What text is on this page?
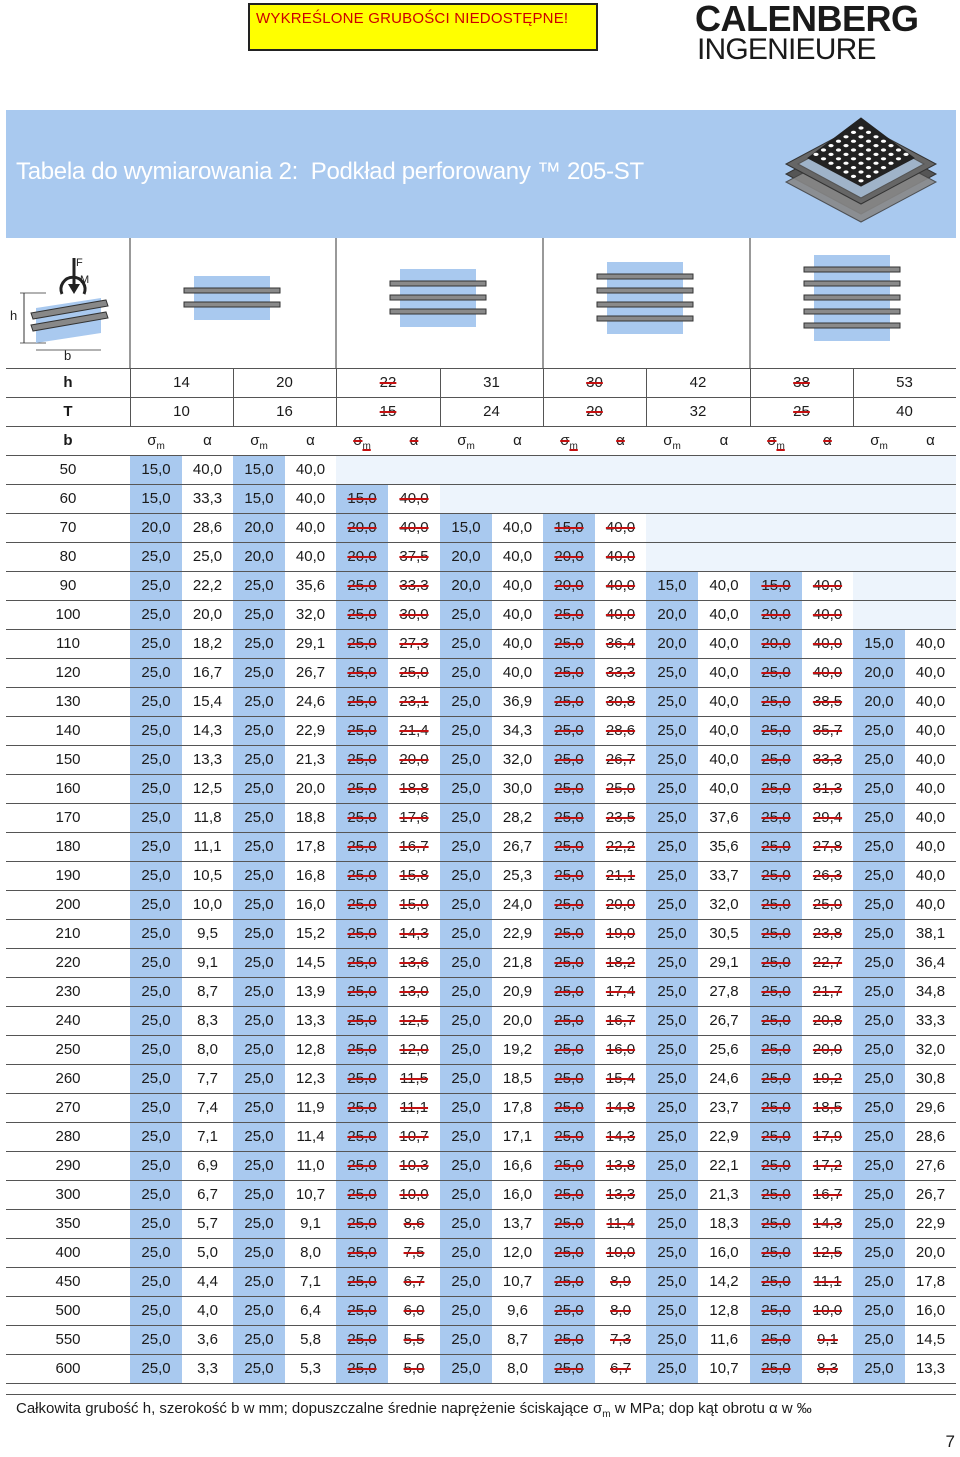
WYKREŚLONE GRUBOŚCI NIEDOSTĘPNE!	CALENBERG
INGENIEURE
Tabela do wymiarowania 2: Podkład perforowany ™ 205-ST
F
M
h
b
h	14	20	22	31	30	42	38	53
T	10	16	15	24	20	32	25	40
b	$\sigma_m$	α	$\sigma_m$	α	$\sigma_m$	α	$\sigma_m$	α	$\sigma_m$	α	$\sigma_m$	α	$\sigma_m$	α	$\sigma_m$	α
50	15,0	40,0	15,0	40,0
60	15,0	33,3	15,0	40,0	15,0	40,0
70	20,0	28,6	20,0	40,0	20,0	40,0	15,0	40,0	15,0	40,0
80	25,0	25,0	20,0	40,0	20,0	37,5	20,0	40,0	20,0	40,0
90	25,0	22,2	25,0	35,6	25,0	33,3	20,0	40,0	20,0	40,0	15,0	40,0	15,0	40,0
100	25,0	20,0	25,0	32,0	25,0	30,0	25,0	40,0	25,0	40,0	20,0	40,0	20,0	40,0
110	25,0	18,2	25,0	29,1	25,0	27,3	25,0	40,0	25,0	36,4	20,0	40,0	20,0	40,0	15,0	40,0
120	25,0	16,7	25,0	26,7	25,0	25,0	25,0	40,0	25,0	33,3	25,0	40,0	25,0	40,0	20,0	40,0
130	25,0	15,4	25,0	24,6	25,0	23,1	25,0	36,9	25,0	30,8	25,0	40,0	25,0	38,5	20,0	40,0
140	25,0	14,3	25,0	22,9	25,0	21,4	25,0	34,3	25,0	28,6	25,0	40,0	25,0	35,7	25,0	40,0
150	25,0	13,3	25,0	21,3	25,0	20,0	25,0	32,0	25,0	26,7	25,0	40,0	25,0	33,3	25,0	40,0
160	25,0	12,5	25,0	20,0	25,0	18,8	25,0	30,0	25,0	25,0	25,0	40,0	25,0	31,3	25,0	40,0
170	25,0	11,8	25,0	18,8	25,0	17,6	25,0	28,2	25,0	23,5	25,0	37,6	25,0	29,4	25,0	40,0
180	25,0	11,1	25,0	17,8	25,0	16,7	25,0	26,7	25,0	22,2	25,0	35,6	25,0	27,8	25,0	40,0
190	25,0	10,5	25,0	16,8	25,0	15,8	25,0	25,3	25,0	21,1	25,0	33,7	25,0	26,3	25,0	40,0
200	25,0	10,0	25,0	16,0	25,0	15,0	25,0	24,0	25,0	20,0	25,0	32,0	25,0	25,0	25,0	40,0
210	25,0	9,5	25,0	15,2	25,0	14,3	25,0	22,9	25,0	19,0	25,0	30,5	25,0	23,8	25,0	38,1
220	25,0	9,1	25,0	14,5	25,0	13,6	25,0	21,8	25,0	18,2	25,0	29,1	25,0	22,7	25,0	36,4
230	25,0	8,7	25,0	13,9	25,0	13,0	25,0	20,9	25,0	17,4	25,0	27,8	25,0	21,7	25,0	34,8
240	25,0	8,3	25,0	13,3	25,0	12,5	25,0	20,0	25,0	16,7	25,0	26,7	25,0	20,8	25,0	33,3
250	25,0	8,0	25,0	12,8	25,0	12,0	25,0	19,2	25,0	16,0	25,0	25,6	25,0	20,0	25,0	32,0
260	25,0	7,7	25,0	12,3	25,0	11,5	25,0	18,5	25,0	15,4	25,0	24,6	25,0	19,2	25,0	30,8
270	25,0	7,4	25,0	11,9	25,0	11,1	25,0	17,8	25,0	14,8	25,0	23,7	25,0	18,5	25,0	29,6
280	25,0	7,1	25,0	11,4	25,0	10,7	25,0	17,1	25,0	14,3	25,0	22,9	25,0	17,9	25,0	28,6
290	25,0	6,9	25,0	11,0	25,0	10,3	25,0	16,6	25,0	13,8	25,0	22,1	25,0	17,2	25,0	27,6
300	25,0	6,7	25,0	10,7	25,0	10,0	25,0	16,0	25,0	13,3	25,0	21,3	25,0	16,7	25,0	26,7
350	25,0	5,7	25,0	9,1	25,0	8,6	25,0	13,7	25,0	11,4	25,0	18,3	25,0	14,3	25,0	22,9
400	25,0	5,0	25,0	8,0	25,0	7,5	25,0	12,0	25,0	10,0	25,0	16,0	25,0	12,5	25,0	20,0
450	25,0	4,4	25,0	7,1	25,0	6,7	25,0	10,7	25,0	8,9	25,0	14,2	25,0	11,1	25,0	17,8
500	25,0	4,0	25,0	6,4	25,0	6,0	25,0	9,6	25,0	8,0	25,0	12,8	25,0	10,0	25,0	16,0
550	25,0	3,6	25,0	5,8	25,0	5,5	25,0	8,7	25,0	7,3	25,0	11,6	25,0	9,1	25,0	14,5
600	25,0	3,3	25,0	5,3	25,0	5,0	25,0	8,0	25,0	6,7	25,0	10,7	25,0	8,3	25,0	13,3
Całkowita grubość h, szerokość b w mm; dopuszczalne średnie naprężenie ściskające $\sigma_m$ w MPa; dop kąt obrotu α w ‰
7
